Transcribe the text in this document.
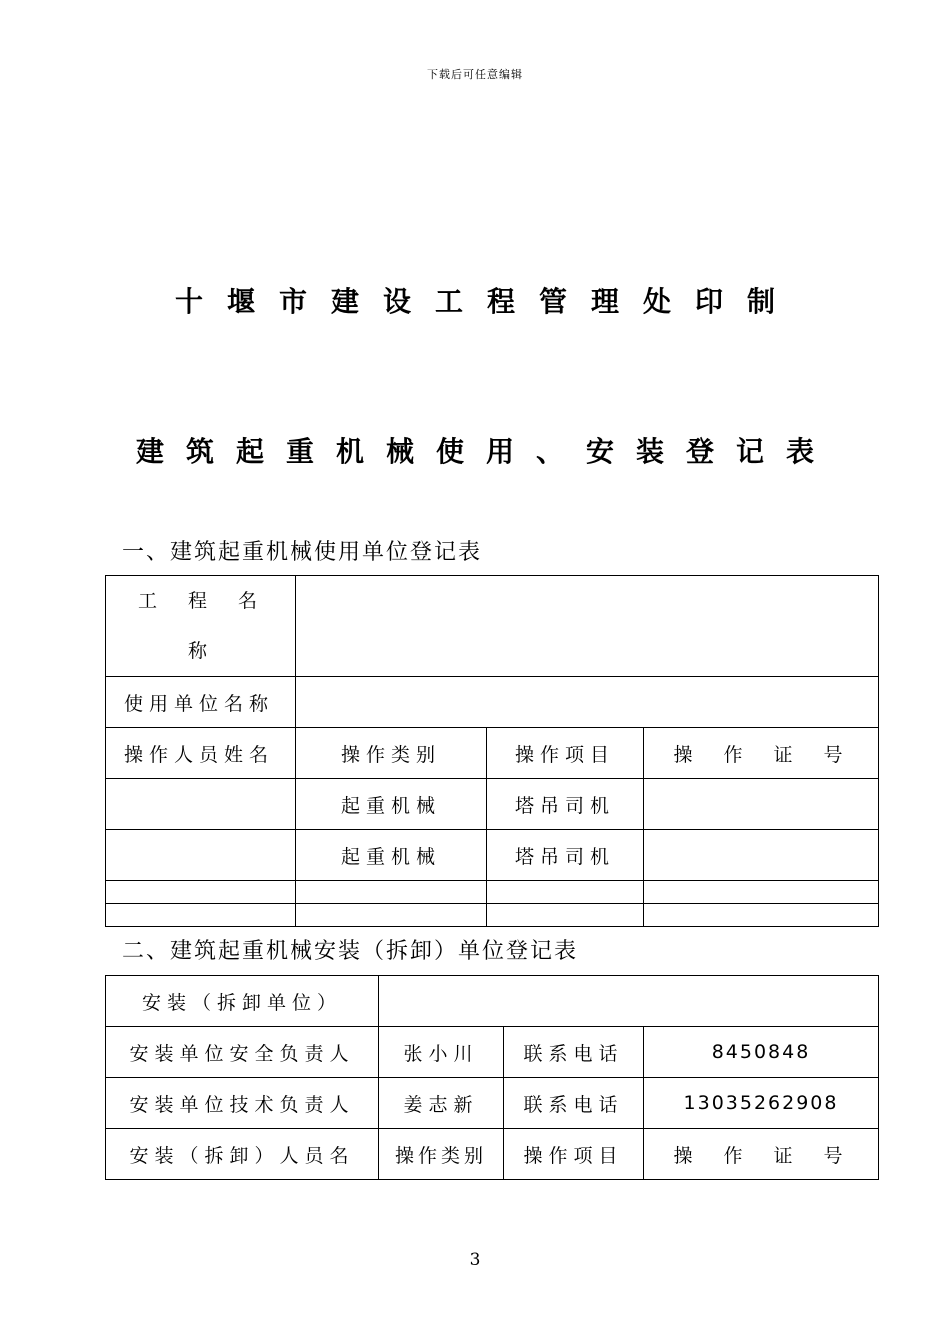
下载后可任意编辑
十堰市建设工程管理处印制
建筑起重机械使用、安装登记表
一、建筑起重机械使用单位登记表
工　程　名
称			

使用单位名称			
操作人员姓名	操作类别	操作项目	操　作　证　号
	起重机械	塔吊司机	
	起重机械	塔吊司机	

二、建筑起重机械安装（拆卸）单位登记表
安装（拆卸单位）			
安装单位安全负责人	张小川	联系电话	8450848
安装单位技术负责人	姜志新	联系电话	13035262908
安装（拆卸）人员名	操作类别	操作项目	操　作　证　号
3
